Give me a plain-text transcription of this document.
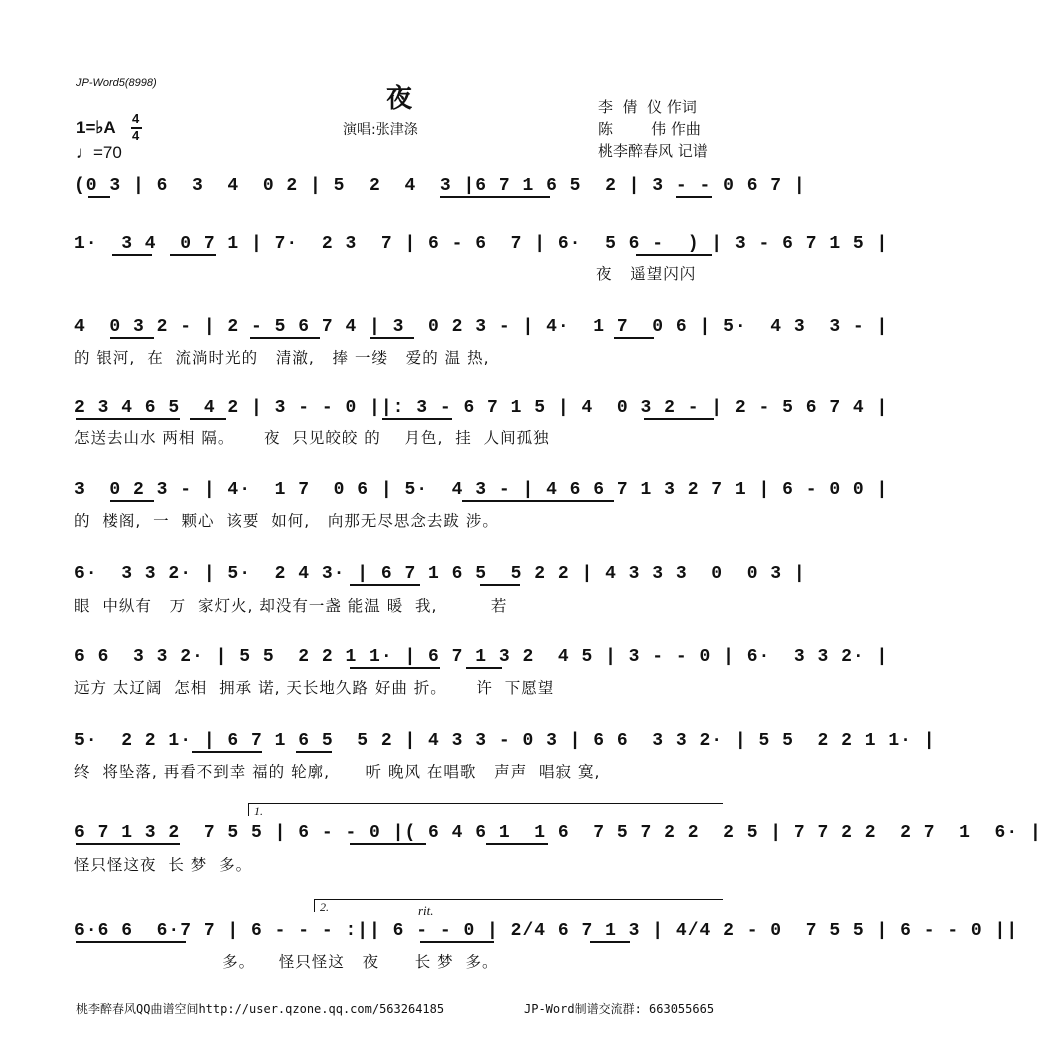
JP-Word5(8998)
夜
演唱:张津涤
李  倩  仪 作词
陈        伟 作曲
桃李醉春风 记谱
1=♭A 4
4
♩=70
(0 3 | 6  3  4  0 2 | 5  2  4  3 |6 7 1 6 5  2 | 3 - - 0 6 7 |
1·  3 4  0 7 1 | 7·  2 3  7 | 6 - 6  7 | 6·  5 6 -  ) | 3 - 6 7 1 5 |
夜   遥望闪闪
4  0 3 2 - | 2 - 5 6 7 4 | 3  0 2 3 - | 4·  1 7  0 6 | 5·  4 3  3 - |
的 银河,  在  流淌时光的   清澈,   捧 一缕   爱的 温 热,
2 3 4 6 5  4 2 | 3 - - 0 ||: 3 - 6 7 1 5 | 4  0 3 2 - | 2 - 5 6 7 4 |
怎送去山水 两相 隔。     夜  只见皎皎 的    月色,  挂  人间孤独
3  0 2 3 - | 4·  1 7  0 6 | 5·  4 3 - | 4 6 6 7 1 3 2 7 1 | 6 - 0 0 |
的  楼阁,  一  颗心  该要  如何,   向那无尽思念去跋 涉。
6·  3 3 2· | 5·  2 4 3· | 6 7 1 6 5  5 2 2 | 4 3 3 3  0  0 3 |
眼  中纵有   万  家灯火, 却没有一盏 能温 暖  我,         若
6 6  3 3 2· | 5 5  2 2 1 1· | 6 7 1 3 2  4 5 | 3 - - 0 | 6·  3 3 2· |
远方 太辽阔  怎相  拥承 诺, 天长地久路 好曲 折。     许  下愿望
5·  2 2 1· | 6 7 1 6 5  5 2 | 4 3 3 - 0 3 | 6 6  3 3 2· | 5 5  2 2 1 1· |
终  将坠落, 再看不到幸 福的 轮廓,      听 晚风 在唱歌   声声  唱寂 寞,
1.
6 7 1 3 2  7 5 5 | 6 - - 0 |( 6 4 6 1  1 6  7 5 7 2 2  2 5 | 7 7 2 2  2 7  1  6· |
怪只怪这夜  长 梦  多。
2.	rit.
6·6 6  6·7 7 | 6 - - - :|| 6 - - 0 | 2/4 6 7 1 3 | 4/4 2 - 0  7 5 5 | 6 - - 0 ||
多。    怪只怪这   夜      长 梦  多。
桃李醉春风QQ曲谱空间http://user.qzone.qq.com/563264185	JP-Word制谱交流群: 663055665
